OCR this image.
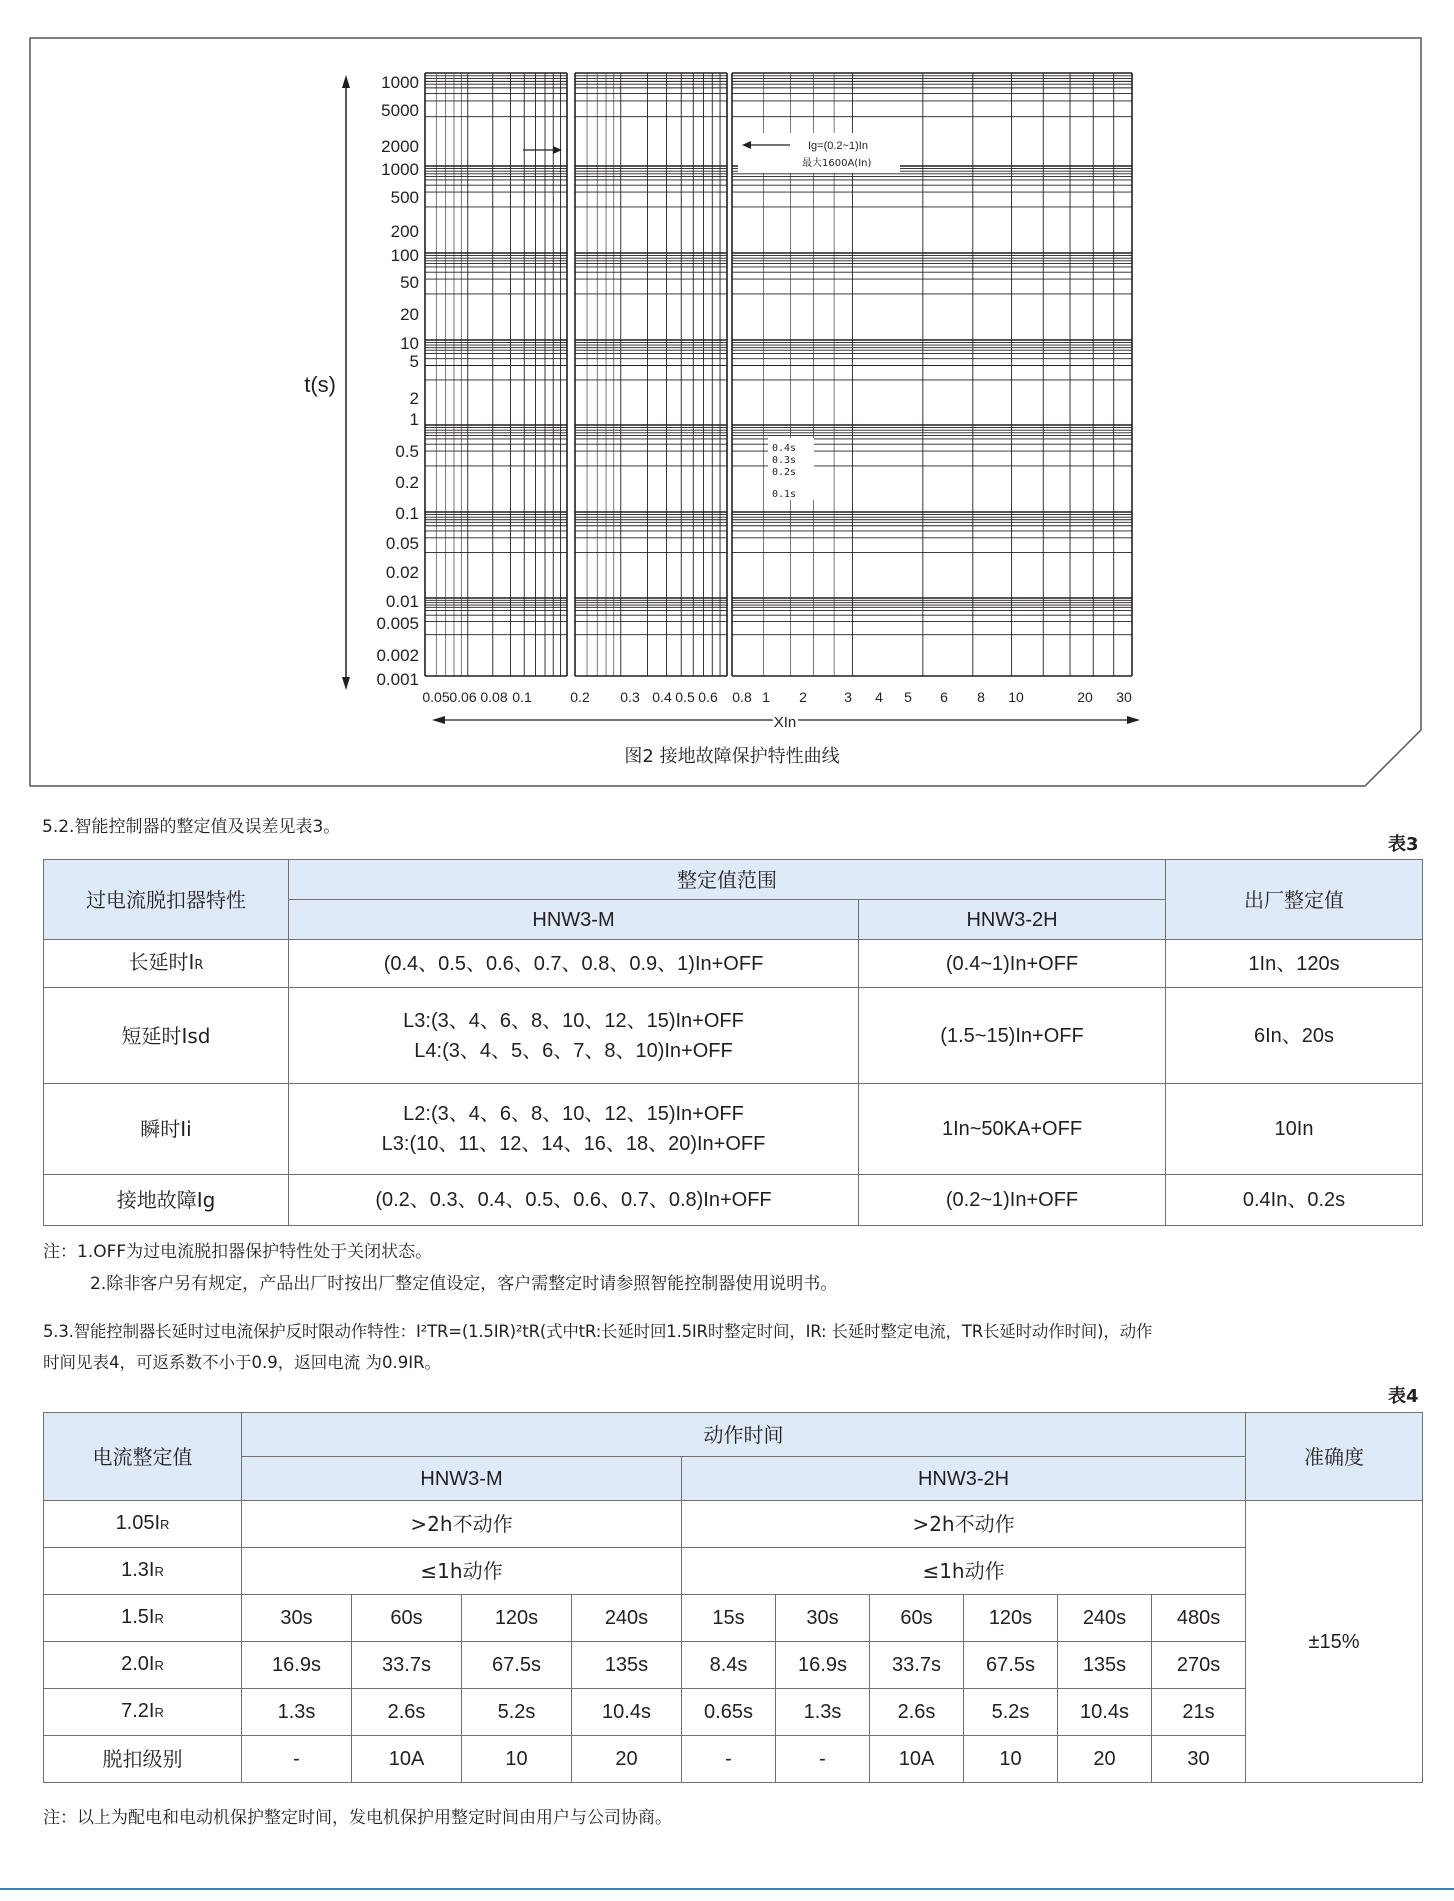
1000
5000
2000
1000
500
200
100
50
20
10
5
2
1
0.5
0.2
0.1
0.05
0.02
0.01
0.005
0.002
0.001
0.05 0.06 0.08 0.1	0.2 0.3 0.4 0.5 0.6 0.8 1 2	3 4 5 6 8 10	20 30
t(s)
XIn
Ig=(0.2~1)In
最大1600A(In)
0.4s
0.3s
0.2s
0.1s
图2 接地故障保护特性曲线
5.2.智能控制器的整定值及误差见表3。
表3
过电流脱扣器特性	整定值范围		出厂整定值
	HNW3-M	HNW3-2H	
长延时IR	(0.4、0.5、0.6、0.7、0.8、0.9、1)In+OFF	(0.4~1)In+OFF	1In、120s
短延时Isd	L3:(3、4、6、8、10、12、15)In+OFF
L4:(3、4、5、6、7、8、10)In+OFF	(1.5~15)In+OFF	6In、20s
瞬时Ii	L2:(3、4、6、8、10、12、15)In+OFF
L3:(10、11、12、14、16、18、20)In+OFF	1In~50KA+OFF	10In
接地故障Ig	(0.2、0.3、0.4、0.5、0.6、0.7、0.8)In+OFF	(0.2~1)In+OFF	0.4In、0.2s
注：1.OFF为过电流脱扣器保护特性处于关闭状态。
2.除非客户另有规定，产品出厂时按出厂整定值设定，客户需整定时请参照智能控制器使用说明书。
5.3.智能控制器长延时过电流保护反时限动作特性：I²TR=(1.5IR)²tR(式中tR:长延时回1.5IR时整定时间，IR: 长延时整定电流，TR长延时动作时间)，动作
时间见表4，可返系数不小于0.9，返回电流 为0.9IR。
表4
电流整定值	动作时间										准确度
	HNW3-M				HNW3-2H						
1.05IR	>2h不动作				>2h不动作						±15%
1.3IR	≤1h动作				≤1h动作						
1.5IR	30s	60s	120s	240s	15s	30s	60s	120s	240s	480s	
2.0IR	16.9s	33.7s	67.5s	135s	8.4s	16.9s	33.7s	67.5s	135s	270s	
7.2IR	1.3s	2.6s	5.2s	10.4s	0.65s	1.3s	2.6s	5.2s	10.4s	21s	
脱扣级别	-	10A	10	20	-	-	10A	10	20	30	
注：以上为配电和电动机保护整定时间，发电机保护用整定时间由用户与公司协商。
